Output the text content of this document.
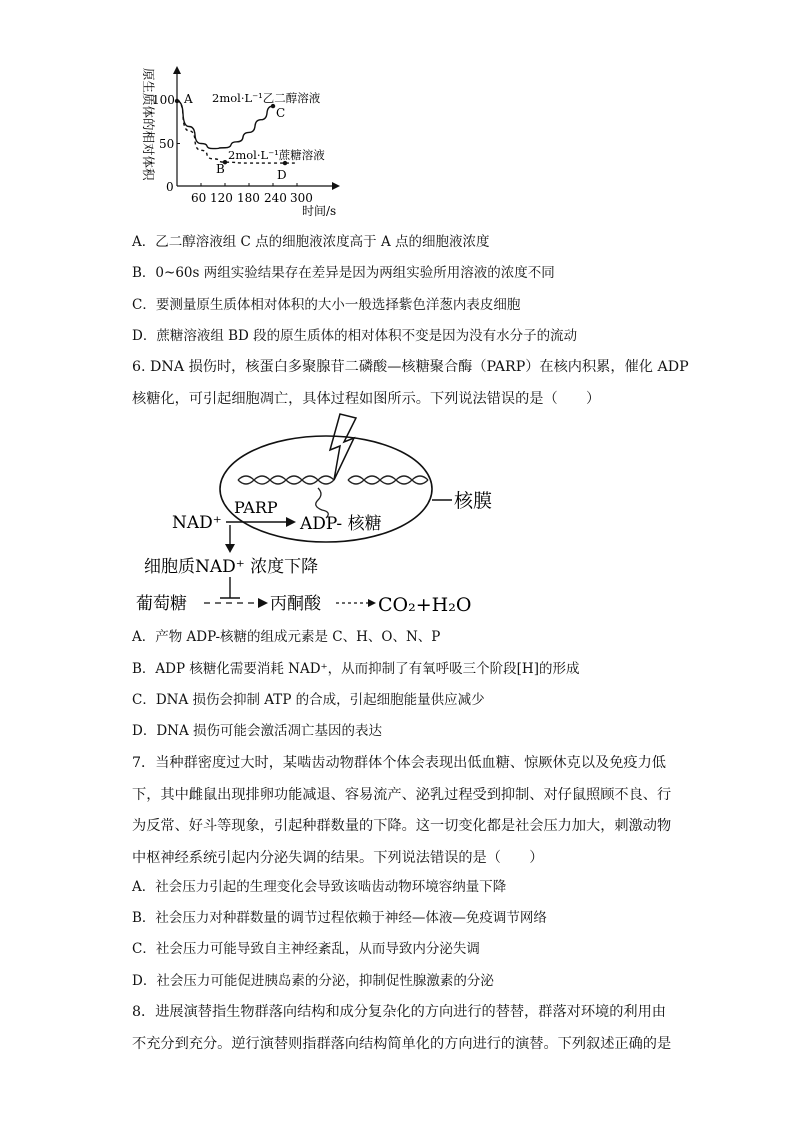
原生质体的相对体积
时间/s
A
B
C
D
2mol·L⁻¹乙二醇溶液
2mol·L⁻¹蔗糖溶液
100
50
0
60 120 180 240 300
A．乙二醇溶液组 C 点的细胞液浓度高于 A 点的细胞液浓度
B．0~60s 两组实验结果存在差异是因为两组实验所用溶液的浓度不同
C．要测量原生质体相对体积的大小一般选择紫色洋葱内表皮细胞
D．蔗糖溶液组 BD 段的原生质体的相对体积不变是因为没有水分子的流动
6. DNA 损伤时，核蛋白多聚腺苷二磷酸—核糖聚合酶（PARP）在核内积累，催化 ADP
核糖化，可引起细胞凋亡，具体过程如图所示。下列说法错误的是（　　）
核膜
NAD⁺
PARP
ADP- 核糖
细胞质NAD⁺ 浓度下降
葡萄糖	丙酮酸	CO₂+H₂O
A．产物 ADP-核糖的组成元素是 C、H、O、N、P
B．ADP 核糖化需要消耗 NAD⁺，从而抑制了有氧呼吸三个阶段[H]的形成
C．DNA 损伤会抑制 ATP 的合成，引起细胞能量供应减少
D．DNA 损伤可能会激活凋亡基因的表达
7．当种群密度过大时，某啮齿动物群体个体会表现出低血糖、惊厥休克以及免疫力低
下，其中雌鼠出现排卵功能减退、容易流产、泌乳过程受到抑制、对仔鼠照顾不良、行
为反常、好斗等现象，引起种群数量的下降。这一切变化都是社会压力加大，刺激动物
中枢神经系统引起内分泌失调的结果。下列说法错误的是（　　）
A．社会压力引起的生理变化会导致该啮齿动物环境容纳量下降
B．社会压力对种群数量的调节过程依赖于神经—体液—免疫调节网络
C．社会压力可能导致自主神经紊乱，从而导致内分泌失调
D．社会压力可能促进胰岛素的分泌，抑制促性腺激素的分泌
8．进展演替指生物群落向结构和成分复杂化的方向进行的替替，群落对环境的利用由
不充分到充分。逆行演替则指群落向结构简单化的方向进行的演替。下列叙述正确的是
